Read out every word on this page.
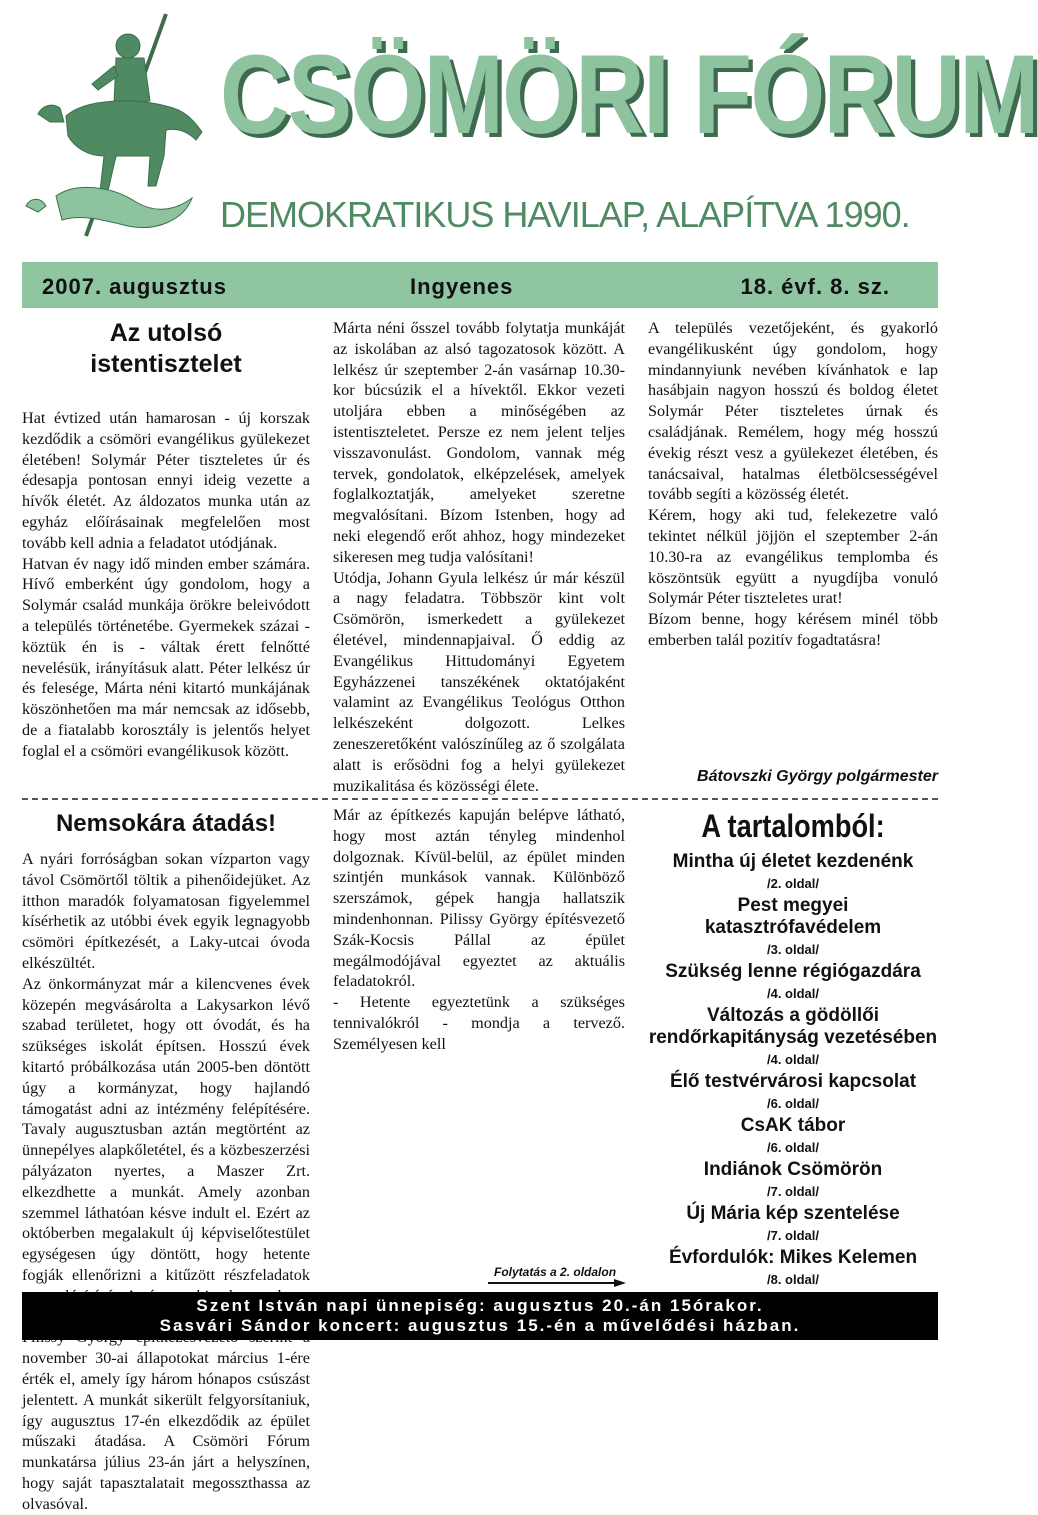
CSÖMÖRI FÓRUM
DEMOKRATIKUS HAVILAP, ALAPÍTVA 1990.
2007. augusztus	Ingyenes	18. évf. 8. sz.
Az utolsó istentisztelet

Hat évtized után hamarosan - új korszak kezdődik a csömöri evangélikus gyülekezet életében! Solymár Péter tiszteletes úr és édesapja pontosan ennyi ideig vezette a hívők életét. Az áldozatos munka után az egyház előírásainak megfelelően most tovább kell adnia a feladatot utódjának.

Hatvan év nagy idő minden ember számára. Hívő emberként úgy gondolom, hogy a Solymár család munkája örökre beleivódott a település történetébe. Gyermekek százai - köztük én is - váltak érett felnőtté nevelésük, irányításuk alatt. Péter lelkész úr és felesége, Márta néni kitartó munkájának köszönhetően ma már nemcsak az idősebb, de a fiatalabb korosztály is jelentős helyet foglal el a csömöri evangélikusok között.

Nemsokára átadás!

A nyári forróságban sokan vízparton vagy távol Csömörtől töltik a pihenőidejüket. Az itthon maradók folyamatosan figyelemmel kísérhetik az utóbbi évek egyik legnagyobb csömöri építkezését, a Laky-utcai óvoda elkészültét.

Az önkormányzat már a kilencvenes évek közepén megvásárolta a Lakysarkon lévő szabad területet, hogy ott óvodát, és ha szükséges iskolát építsen. Hosszú évek kitartó próbálkozása után 2005-ben döntött úgy a kormányzat, hogy hajlandó támogatást adni az intézmény felépítésére. Tavaly augusztusban aztán megtörtént az ünnepélyes alapkőletétel, és a közbeszerzési pályázaton nyertes, a Maszer Zrt. elkezdhette a munkát. Amely azonban szemmel láthatóan késve indult el. Ezért az októberben megalakult új képviselőtestület egységesen úgy döntött, hogy hetente fogják ellenőrizni a kitűzött részfeladatok november 30-ai állapotokat március 1-ére érték el, amely így három hónapos csúszást jelentett. A munkát sikerült felgyorsítaniuk, így augusztus 17-én elkezdődik az épület műszaki átadása. A Csömöri Fórum munkatársa július 23-án járt a helyszínen, hogy saját tapasztalatait megosszthassa az olvasóval.

Márta néni ősszel tovább folytatja munkáját az iskolában az alsó tagozatosok között. A lelkész úr szeptember 2-án vasárnap 10.30-kor búcsúzik el a hívektől. Ekkor vezeti utoljára ebben a minőségében az istentiszteletet. Persze ez nem jelent teljes visszavonulást. Gondolom, vannak még tervek, gondolatok, elképzelések, amelyek foglalkoztatják, amelyeket szeretne megvalósítani. Bízom Istenben, hogy ad neki elegendő erőt ahhoz, hogy mindezeket sikeresen meg tudja valósítani!

Utódja, Johann Gyula lelkész úr már készül a nagy feladatra. Többször kint volt Csömörön, ismerkedett a gyülekezet életével, mindennapjaival. Ő eddig az Evangélikus Hittudományi Egyetem Egyházzenei tanszékének oktatójaként valamint az Evangélikus Teológus Otthon lelkészeként dolgozott. Lelkes zeneszeretőként valószínűleg az ő szolgálata alatt is erősödni fog a helyi gyülekezet muzikalitása és közösségi élete.

Már az építkezés kapuján belépve látható, hogy most aztán tényleg mindenhol dolgoznak. Kívül-belül, az épület minden szintjén munkások vannak. Különböző szerszámok, gépek hangja hallatszik mindenhonnan. Pilissy György építésvezető Szák-Kocsis Pállal az épület megálmodójával egyeztet az aktuális feladatokról.

- Hetente egyeztetünk a szükséges tennivalókról - mondja a tervező. Személyesen kell

A település vezetőjeként, és gyakorló evangélikusként úgy gondolom, hogy mindannyiunk nevében kívánhatok e lap hasábjain nagyon hosszú és boldog életet Solymár Péter tiszteletes úrnak és családjának. Remélem, hogy még hosszú évekig részt vesz a gyülekezet életében, és tanácsaival, hatalmas életbölcsességével tovább segíti a közösség életét.

Kérem, hogy aki tud, felekezetre való tekintet nélkül jöjjön el szeptember 2-án 10.30-ra az evangélikus templomba és köszöntsük együtt a nyugdíjba vonuló Solymár Péter tiszteletes urat!

Bízom benne, hogy kérésem minél több emberben talál pozitív fogadtatásra!

Bátovszki György polgármester
A tartalomból:

Mintha új életet kezdenénk

/2. oldal/

Pest megyei katasztrófavédelem

/3. oldal/

Szükség lenne régiógazdára

/4. oldal/

Változás a gödöllői rendőrkapitányság vezetésében

/4. oldal/

Élő testvérvárosi kapcsolat

/6. oldal/

CsAK tábor

/6. oldal/

Indiánok Csömörön

/7. oldal/

Új Mária kép szentelése

/7. oldal/

Évfordulók: Mikes Kelemen

/8. oldal/

Folytatás a 2. oldalon
Szent István napi ünnepiség: augusztus 20.-án 15órakor.
Sasvári Sándor koncert: augusztus 15.-én a művelődési házban.
